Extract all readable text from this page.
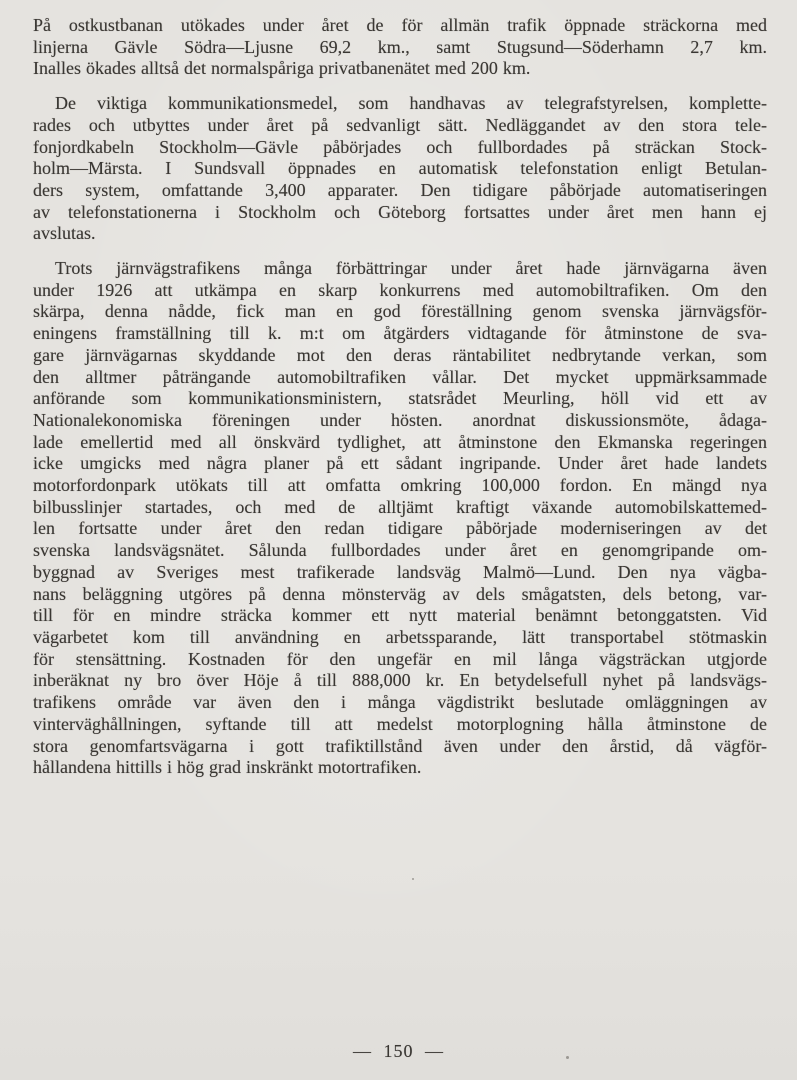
På ostkustbanan utökades under året de för allmän trafik öppnade sträckorna med
linjerna Gävle Södra—Ljusne 69,2 km., samt Stugsund—Söderhamn 2,7 km.
Inalles ökades alltså det normalspåriga privatbanenätet med 200 km.
De viktiga kommunikationsmedel, som handhavas av telegrafstyrelsen, komplette-
rades och utbyttes under året på sedvanligt sätt. Nedläggandet av den stora tele-
fonjordkabeln Stockholm—Gävle påbörjades och fullbordades på sträckan Stock-
holm—Märsta. I Sundsvall öppnades en automatisk telefonstation enligt Betulan-
ders system, omfattande 3,400 apparater. Den tidigare påbörjade automatiseringen
av telefonstationerna i Stockholm och Göteborg fortsattes under året men hann ej
avslutas.
Trots järnvägstrafikens många förbättringar under året hade järnvägarna även
under 1926 att utkämpa en skarp konkurrens med automobiltrafiken. Om den
skärpa, denna nådde, fick man en god föreställning genom svenska järnvägsför-
eningens framställning till k. m:t om åtgärders vidtagande för åtminstone de sva-
gare järnvägarnas skyddande mot den deras räntabilitet nedbrytande verkan, som
den alltmer påträngande automobiltrafiken vållar. Det mycket uppmärksammade
anförande som kommunikationsministern, statsrådet Meurling, höll vid ett av
Nationalekonomiska föreningen under hösten. anordnat diskussionsmöte, ådaga-
lade emellertid med all önskvärd tydlighet, att åtminstone den Ekmanska regeringen
icke umgicks med några planer på ett sådant ingripande. Under året hade landets
motorfordonpark utökats till att omfatta omkring 100,000 fordon. En mängd nya
bilbusslinjer startades, och med de alltjämt kraftigt växande automobilskattemed-
len fortsatte under året den redan tidigare påbörjade moderniseringen av det
svenska landsvägsnätet. Sålunda fullbordades under året en genomgripande om-
byggnad av Sveriges mest trafikerade landsväg Malmö—Lund. Den nya vägba-
nans beläggning utgöres på denna mönsterväg av dels smågatsten, dels betong, var-
till för en mindre sträcka kommer ett nytt material benämnt betonggatsten. Vid
vägarbetet kom till användning en arbetssparande, lätt transportabel stötmaskin
för stensättning. Kostnaden för den ungefär en mil långa vägsträckan utgjorde
inberäknat ny bro över Höje å till 888,000 kr. En betydelsefull nyhet på landsvägs-
trafikens område var även den i många vägdistrikt beslutade omläggningen av
vinterväghållningen, syftande till att medelst motorplogning hålla åtminstone de
stora genomfartsvägarna i gott trafiktillstånd även under den årstid, då vägför-
hållandena hittills i hög grad inskränkt motortrafiken.
— 150 —
